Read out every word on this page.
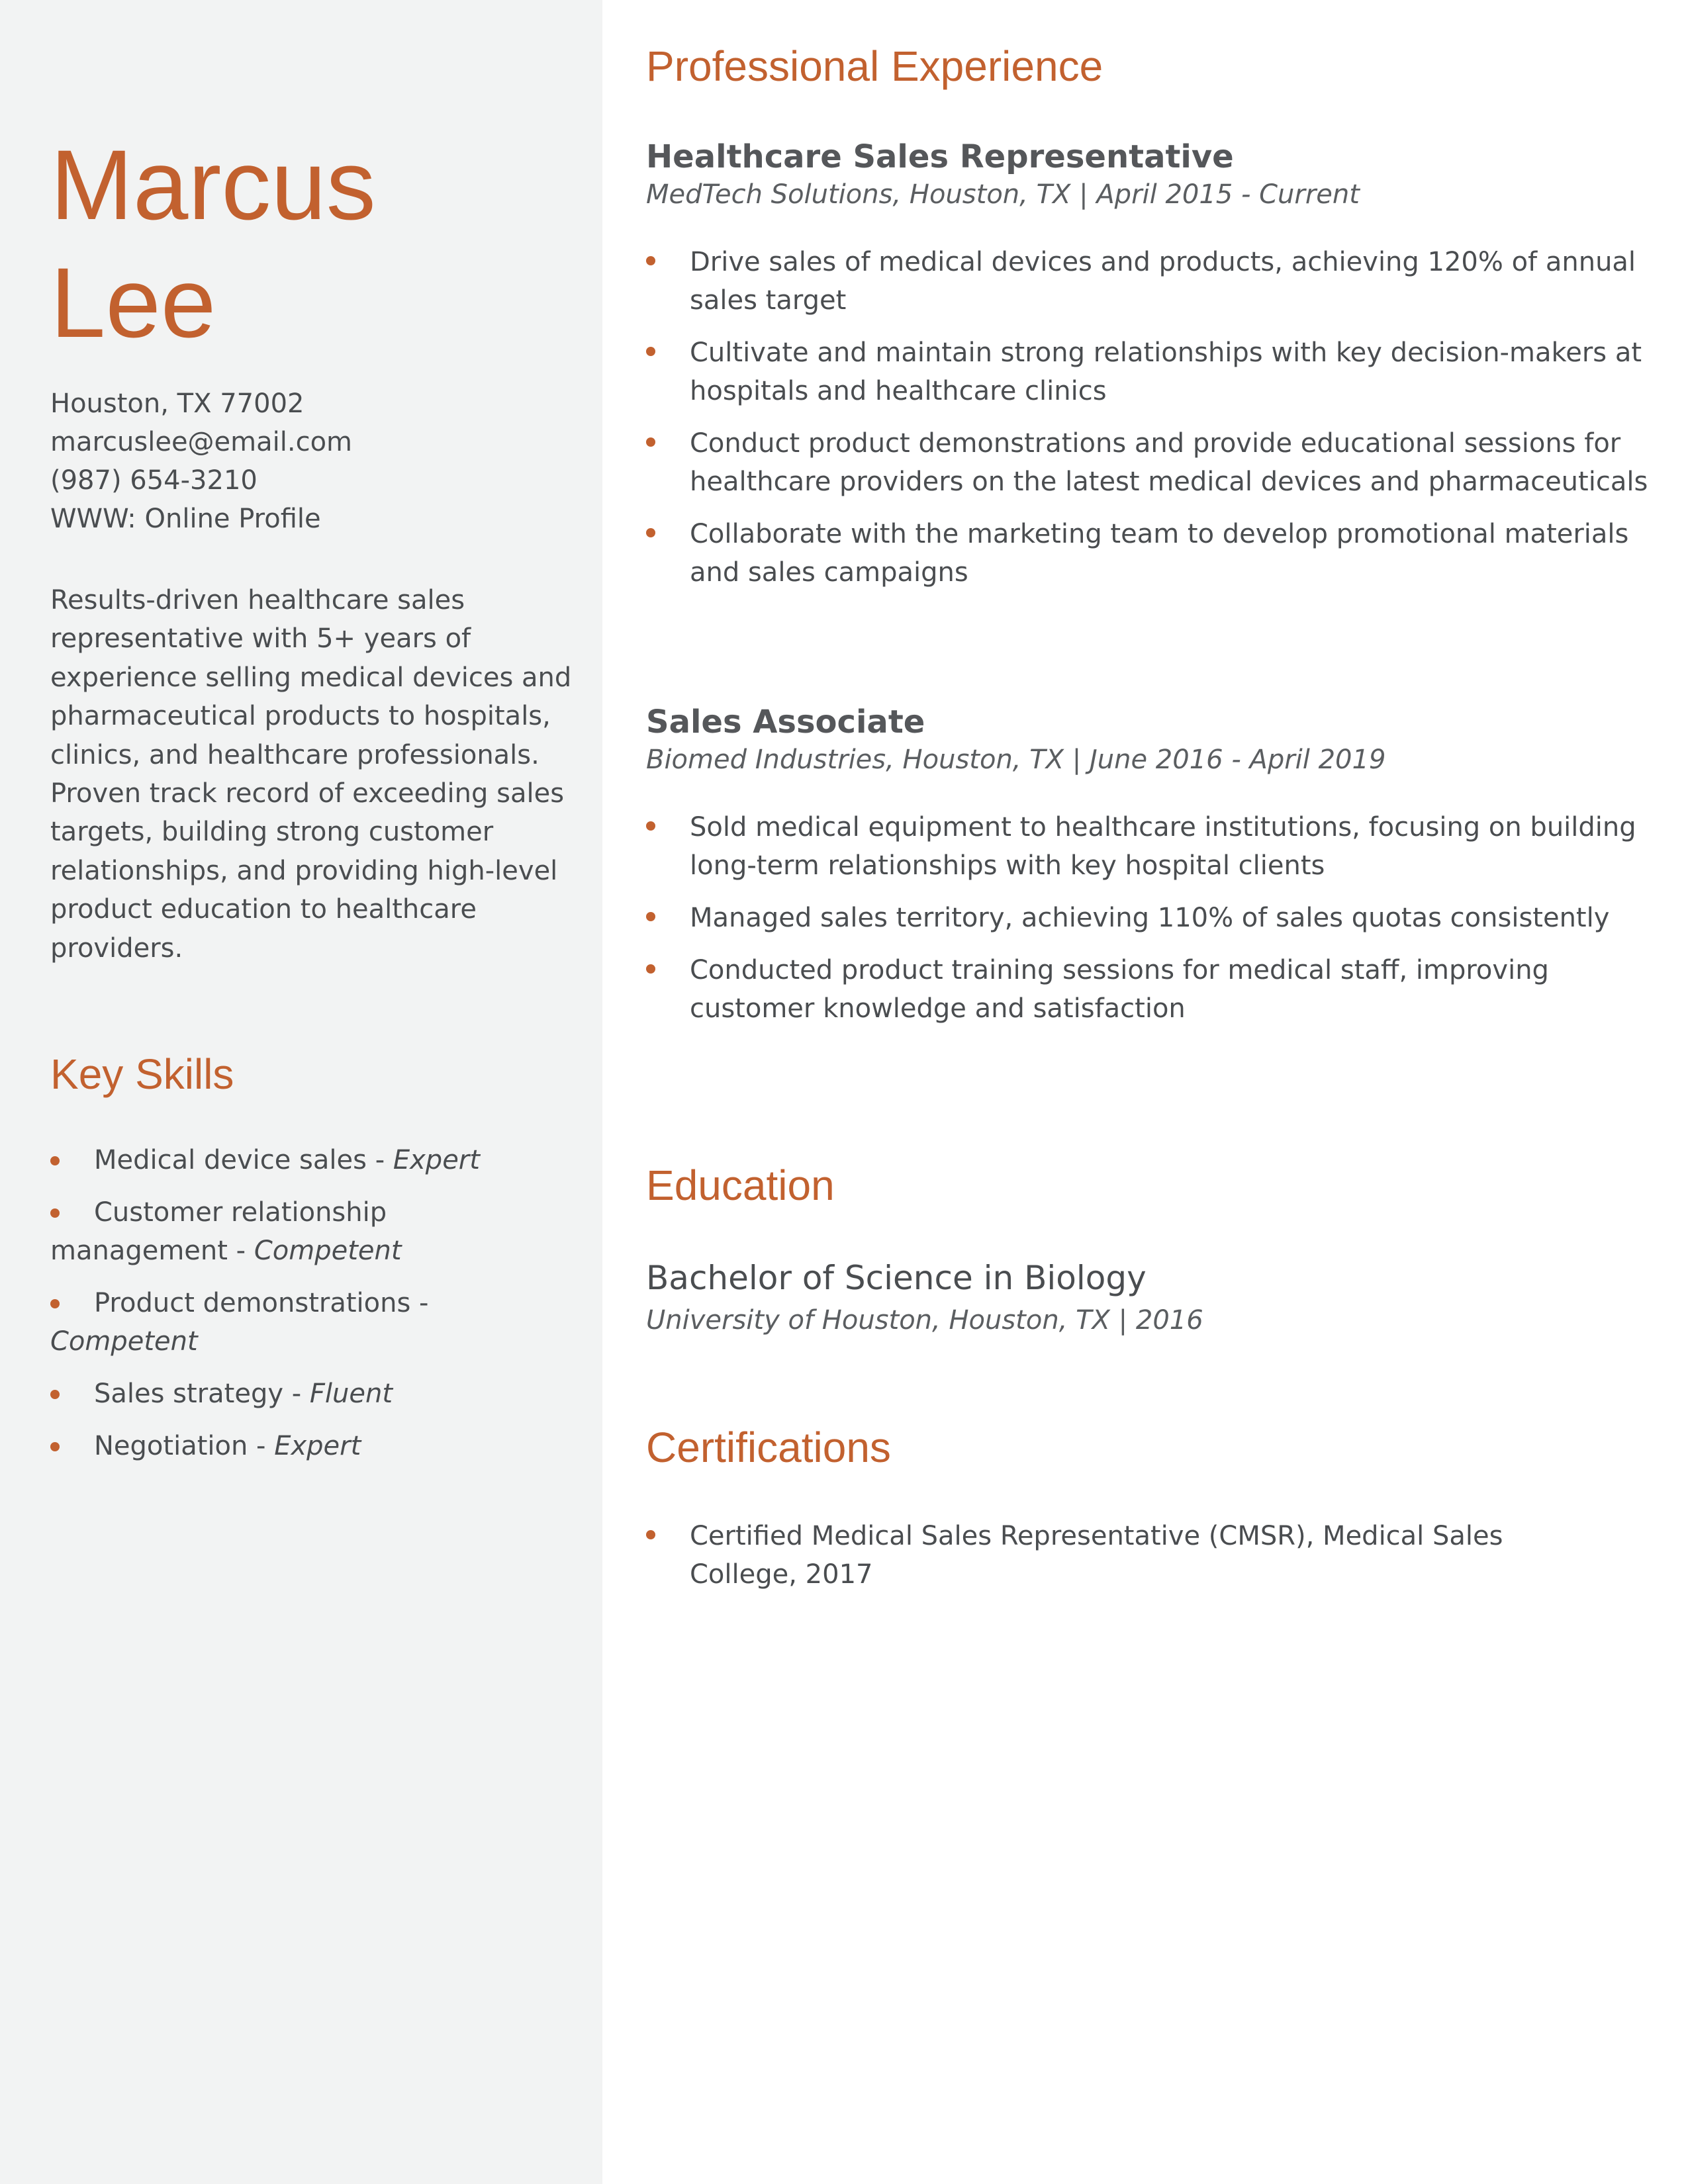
Marcus
Lee
Houston, TX 77002
marcuslee@email.com
(987) 654-3210
WWW: Online Profile

Results-driven healthcare sales representative with 5+ years of experience selling medical devices and pharmaceutical products to hospitals, clinics, and healthcare professionals. Proven track record of exceeding sales targets, building strong customer relationships, and providing high-level product education to healthcare providers.

Key Skills
Medical device sales - Expert
Customer relationship management - Competent
Product demonstrations - Competent
Sales strategy - Fluent
Negotiation - Expert
Professional Experience
Healthcare Sales Representative

MedTech Solutions, Houston, TX | April 2015 - Current

Drive sales of medical devices and products, achieving 120% of annual sales target
Cultivate and maintain strong relationships with key decision-makers at hospitals and healthcare clinics
Conduct product demonstrations and provide educational sessions for healthcare providers on the latest medical devices and pharmaceuticals
Collaborate with the marketing team to develop promotional materials and sales campaigns
Sales Associate

Biomed Industries, Houston, TX | June 2016 - April 2019

Sold medical equipment to healthcare institutions, focusing on building long-term relationships with key hospital clients
Managed sales territory, achieving 110% of sales quotas consistently
Conducted product training sessions for medical staff, improving customer knowledge and satisfaction
Education

Bachelor of Science in Biology

University of Houston, Houston, TX | 2016

Certifications
Certified Medical Sales Representative (CMSR), Medical Sales College, 2017
